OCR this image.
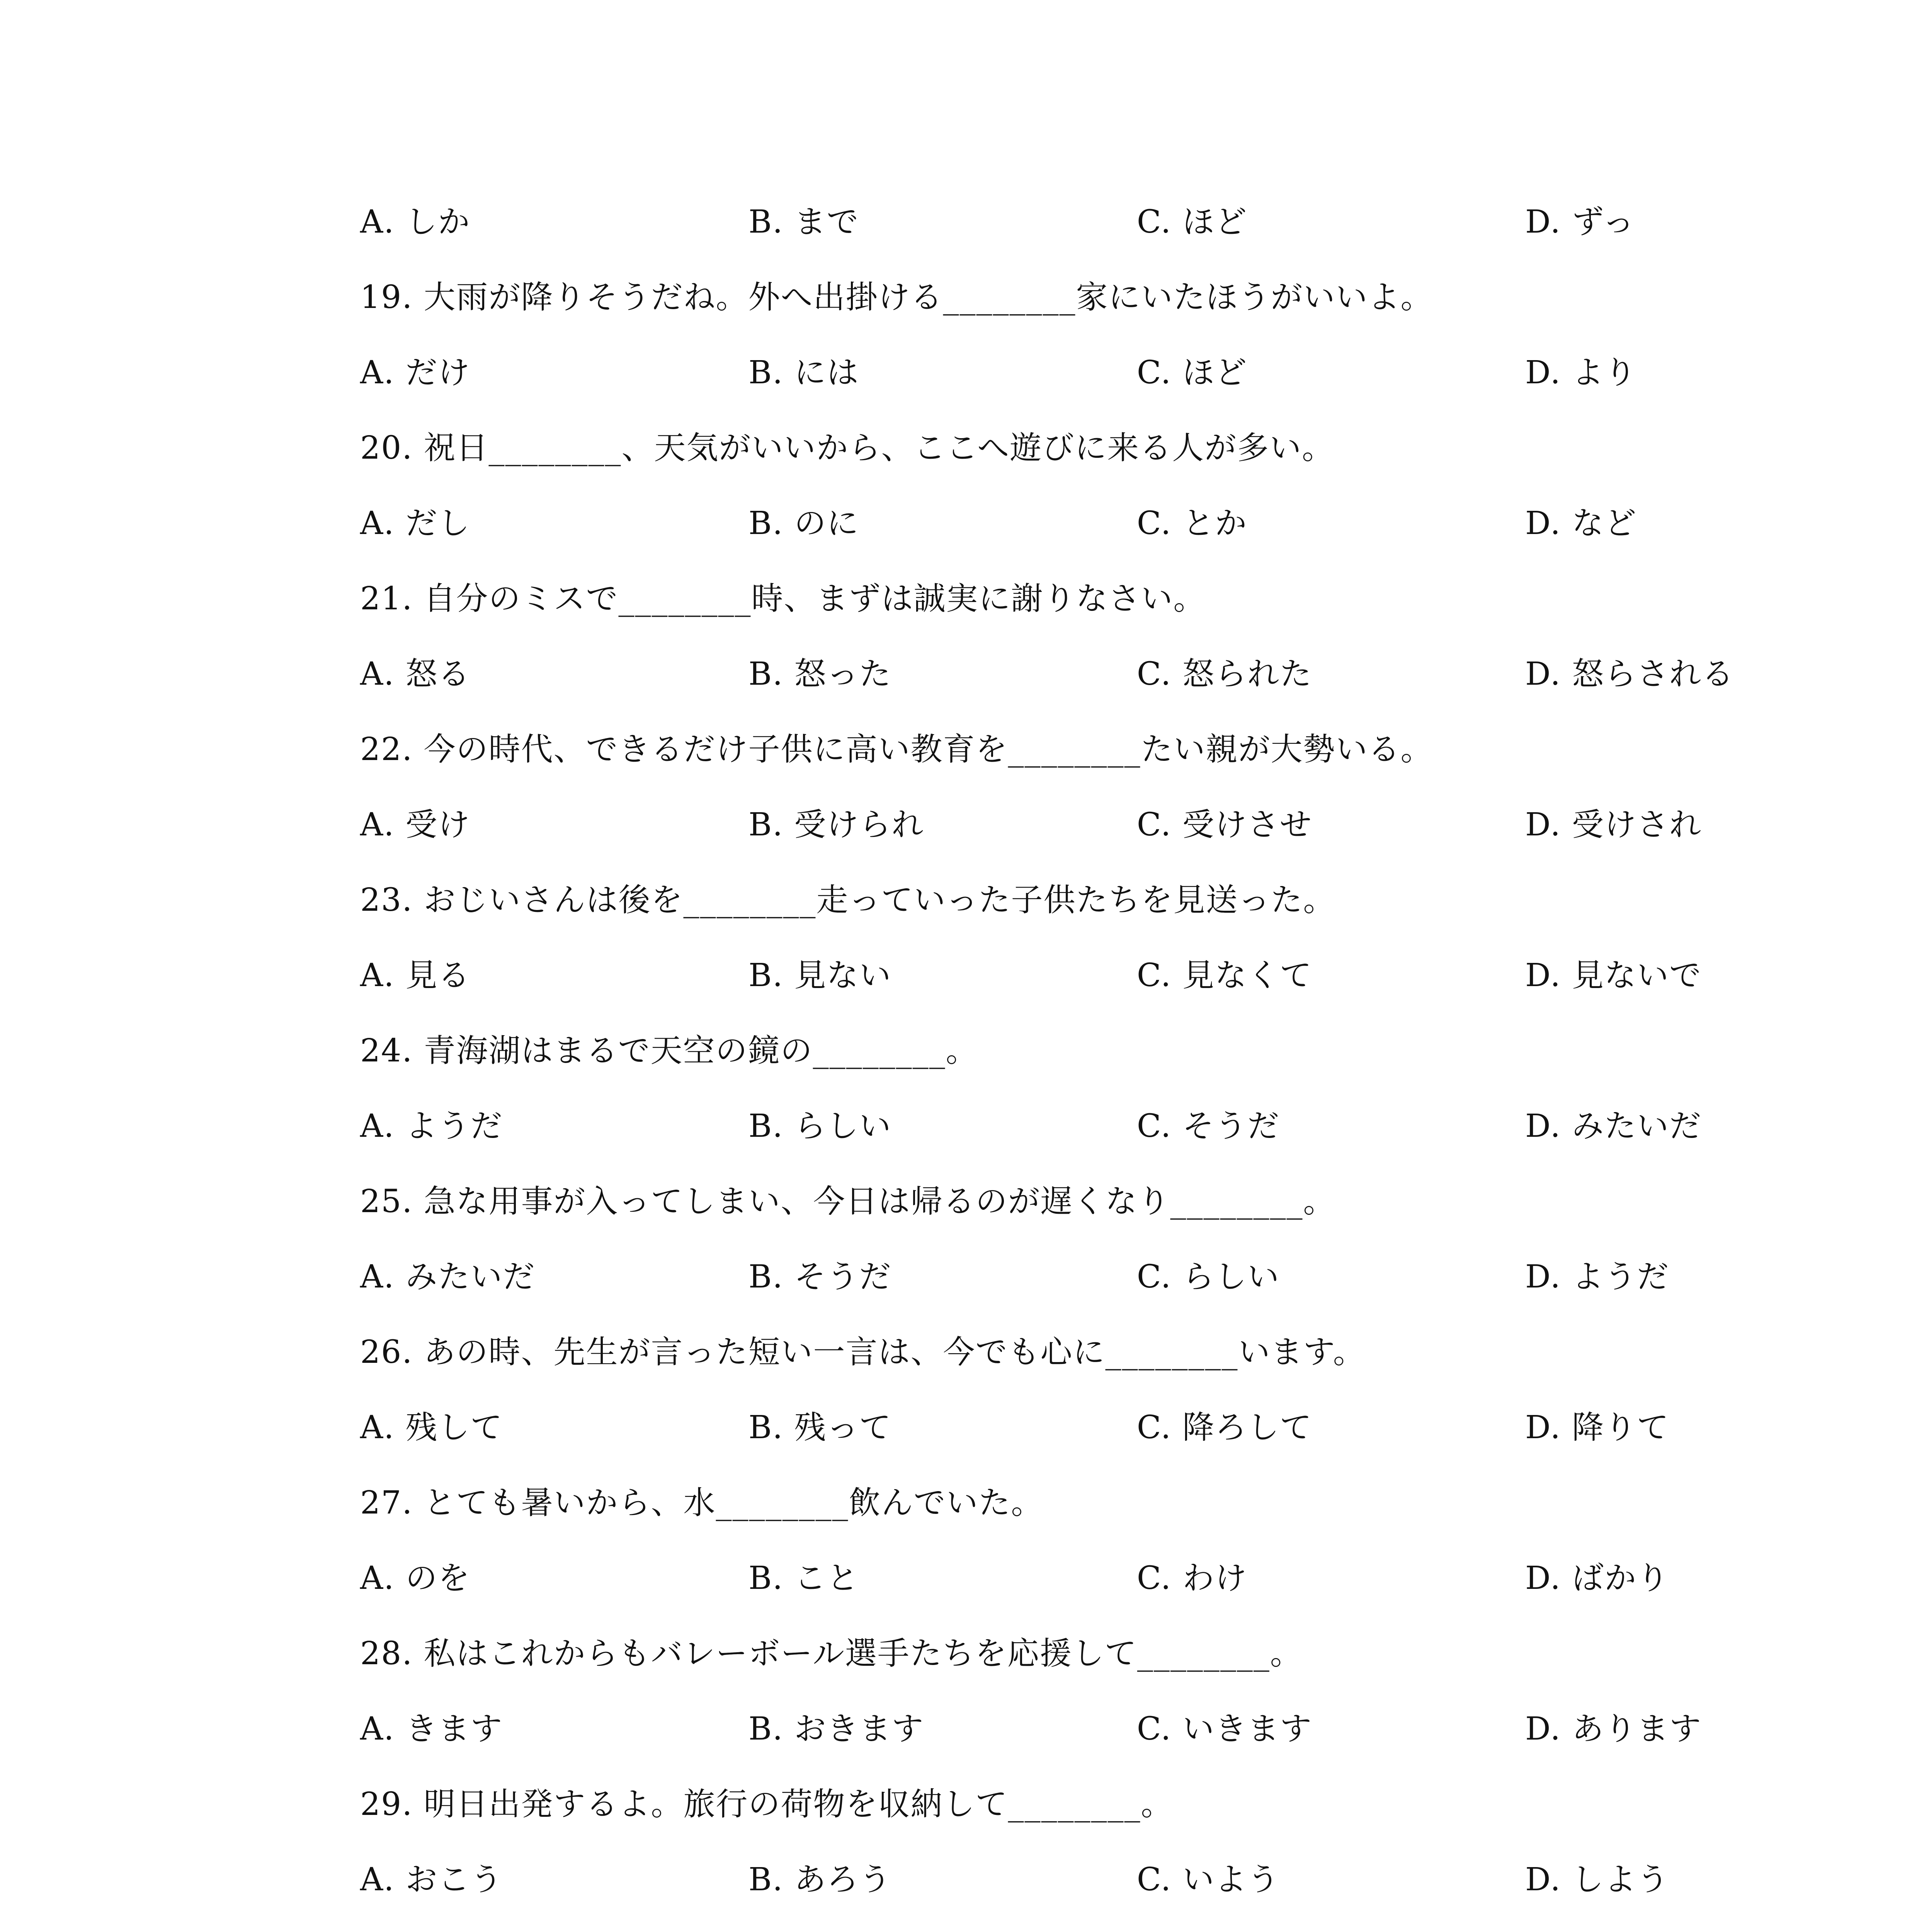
A. しか	B. まで	C. ほど	D. ずっ
19. 大雨が降りそうだね。外へ出掛ける________家にいたほうがいいよ。
A. だけ	B. には	C. ほど	D. より
20. 祝日________、天気がいいから、ここへ遊びに来る人が多い。
A. だし	B. のに	C. とか	D. など
21. 自分のミスで________時、まずは誠実に謝りなさい。
A. 怒る	B. 怒った	C. 怒られた	D. 怒らされる
22. 今の時代、できるだけ子供に高い教育を________たい親が大勢いる。
A. 受け	B. 受けられ	C. 受けさせ	D. 受けされ
23. おじいさんは後を________走っていった子供たちを見送った。
A. 見る	B. 見ない	C. 見なくて	D. 見ないで
24. 青海湖はまるで天空の鏡の________。
A. ようだ	B. らしい	C. そうだ	D. みたいだ
25. 急な用事が入ってしまい、今日は帰るのが遅くなり________。
A. みたいだ	B. そうだ	C. らしい	D. ようだ
26. あの時、先生が言った短い一言は、今でも心に________います。
A. 残して	B. 残って	C. 降ろして	D. 降りて
27. とても暑いから、水________飲んでいた。
A. のを	B. こと	C. わけ	D. ばかり
28. 私はこれからもバレーボール選手たちを応援して________。
A. きます	B. おきます	C. いきます	D. あります
29. 明日出発するよ。旅行の荷物を収納して________。
A. おこう	B. あろう	C. いよう	D. しよう
